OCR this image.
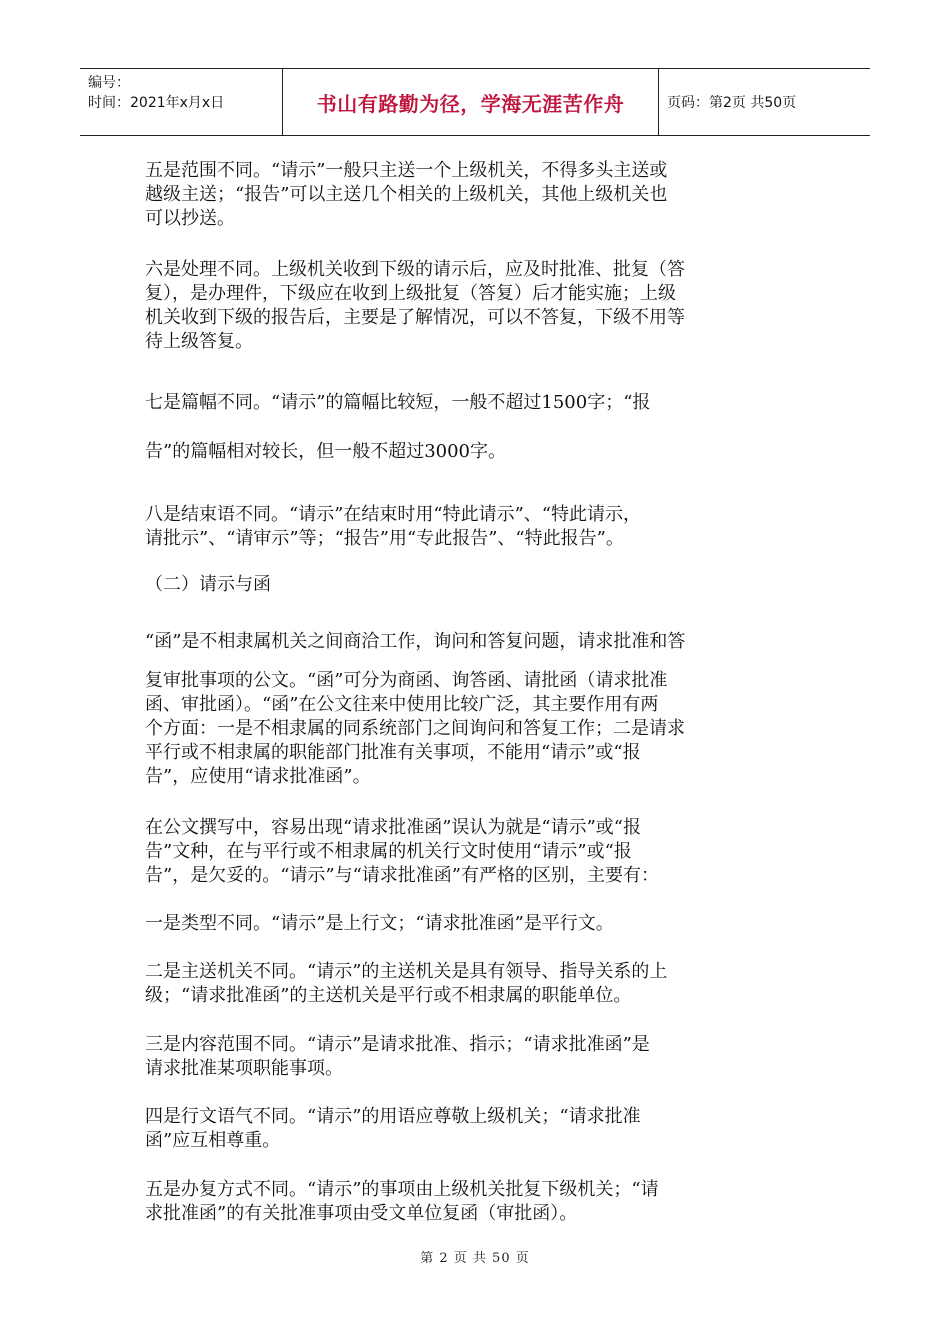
编号：
时间：2021年x月x日	书山有路勤为径，学海无涯苦作舟	页码：第2页 共50页

五是范围不同。“请示”一般只主送一个上级机关，不得多头主送或
越级主送；“报告”可以主送几个相关的上级机关，其他上级机关也
可以抄送。

六是处理不同。上级机关收到下级的请示后，应及时批准、批复（答
复），是办理件，下级应在收到上级批复（答复）后才能实施；上级
机关收到下级的报告后，主要是了解情况，可以不答复，下级不用等
待上级答复。

七是篇幅不同。“请示”的篇幅比较短，一般不超过1500字；“报

告”的篇幅相对较长，但一般不超过3000字。

八是结束语不同。“请示”在结束时用“特此请示”、“特此请示，
请批示”、“请审示”等；“报告”用“专此报告”、“特此报告”。

（二）请示与函

“函”是不相隶属机关之间商洽工作，询问和答复问题，请求批准和答

复审批事项的公文。“函”可分为商函、询答函、请批函（请求批准
函、审批函）。“函”在公文往来中使用比较广泛，其主要作用有两
个方面：一是不相隶属的同系统部门之间询问和答复工作；二是请求
平行或不相隶属的职能部门批准有关事项，不能用“请示”或“报
告”，应使用“请求批准函”。

在公文撰写中，容易出现“请求批准函”误认为就是“请示”或“报
告”文种，在与平行或不相隶属的机关行文时使用“请示”或“报
告”，是欠妥的。“请示”与“请求批准函”有严格的区别，主要有：

一是类型不同。“请示”是上行文；“请求批准函”是平行文。

二是主送机关不同。“请示”的主送机关是具有领导、指导关系的上
级；“请求批准函”的主送机关是平行或不相隶属的职能单位。

三是内容范围不同。“请示”是请求批准、指示；“请求批准函”是
请求批准某项职能事项。

四是行文语气不同。“请示”的用语应尊敬上级机关；“请求批准
函”应互相尊重。

五是办复方式不同。“请示”的事项由上级机关批复下级机关；“请
求批准函”的有关批准事项由受文单位复函（审批函）。

第 2 页 共 50 页
